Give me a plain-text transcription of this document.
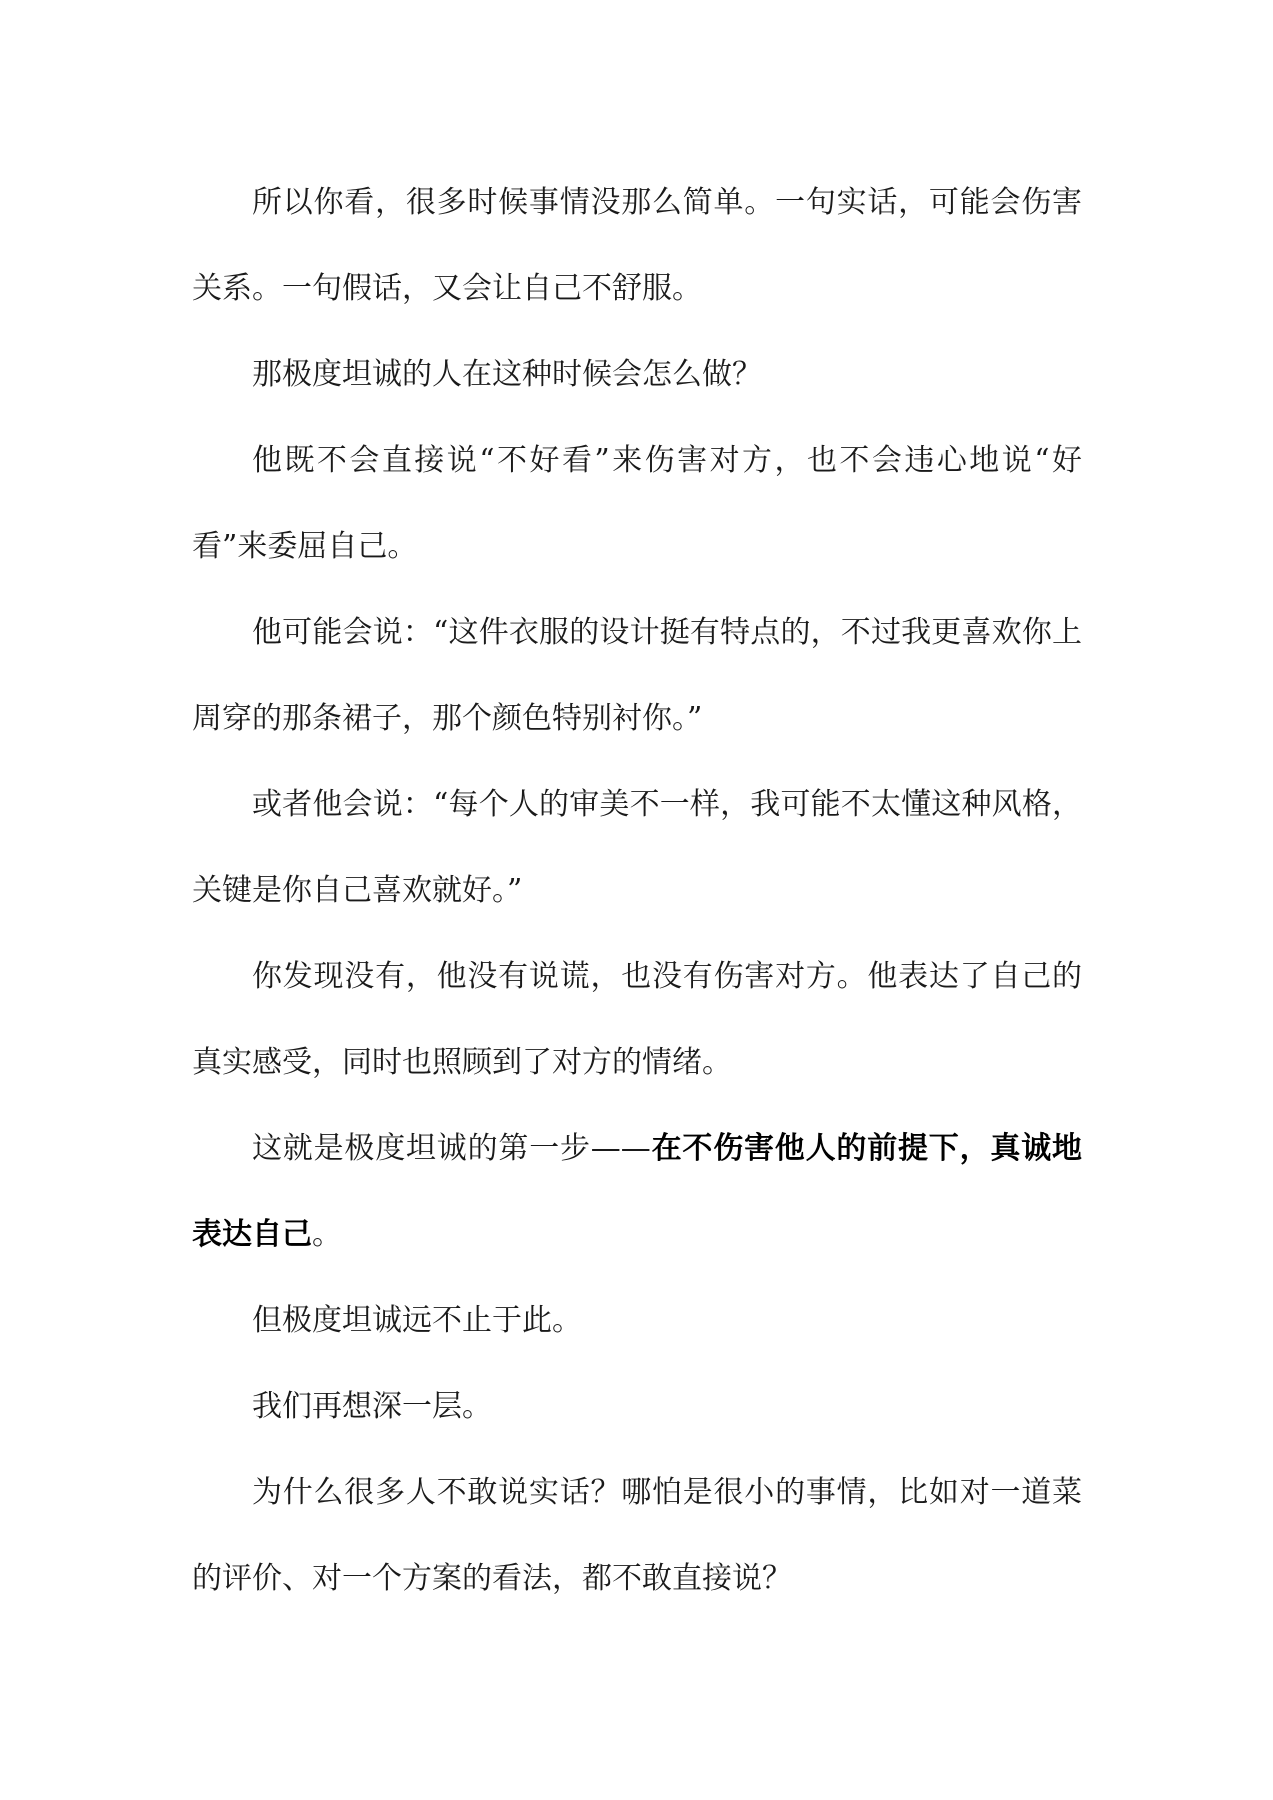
所以你看，很多时候事情没那么简单。一句实话，可能会伤害关系。一句假话，又会让自己不舒服。

那极度坦诚的人在这种时候会怎么做？

他既不会直接说“不好看”来伤害对方，也不会违心地说“好看”来委屈自己。

他可能会说：“这件衣服的设计挺有特点的，不过我更喜欢你上周穿的那条裙子，那个颜色特别衬你。”

或者他会说：“每个人的审美不一样，我可能不太懂这种风格，关键是你自己喜欢就好。”

你发现没有，他没有说谎，也没有伤害对方。他表达了自己的真实感受，同时也照顾到了对方的情绪。

这就是极度坦诚的第一步——在不伤害他人的前提下，真诚地表达自己。

但极度坦诚远不止于此。

我们再想深一层。

为什么很多人不敢说实话？哪怕是很小的事情，比如对一道菜的评价、对一个方案的看法，都不敢直接说？
